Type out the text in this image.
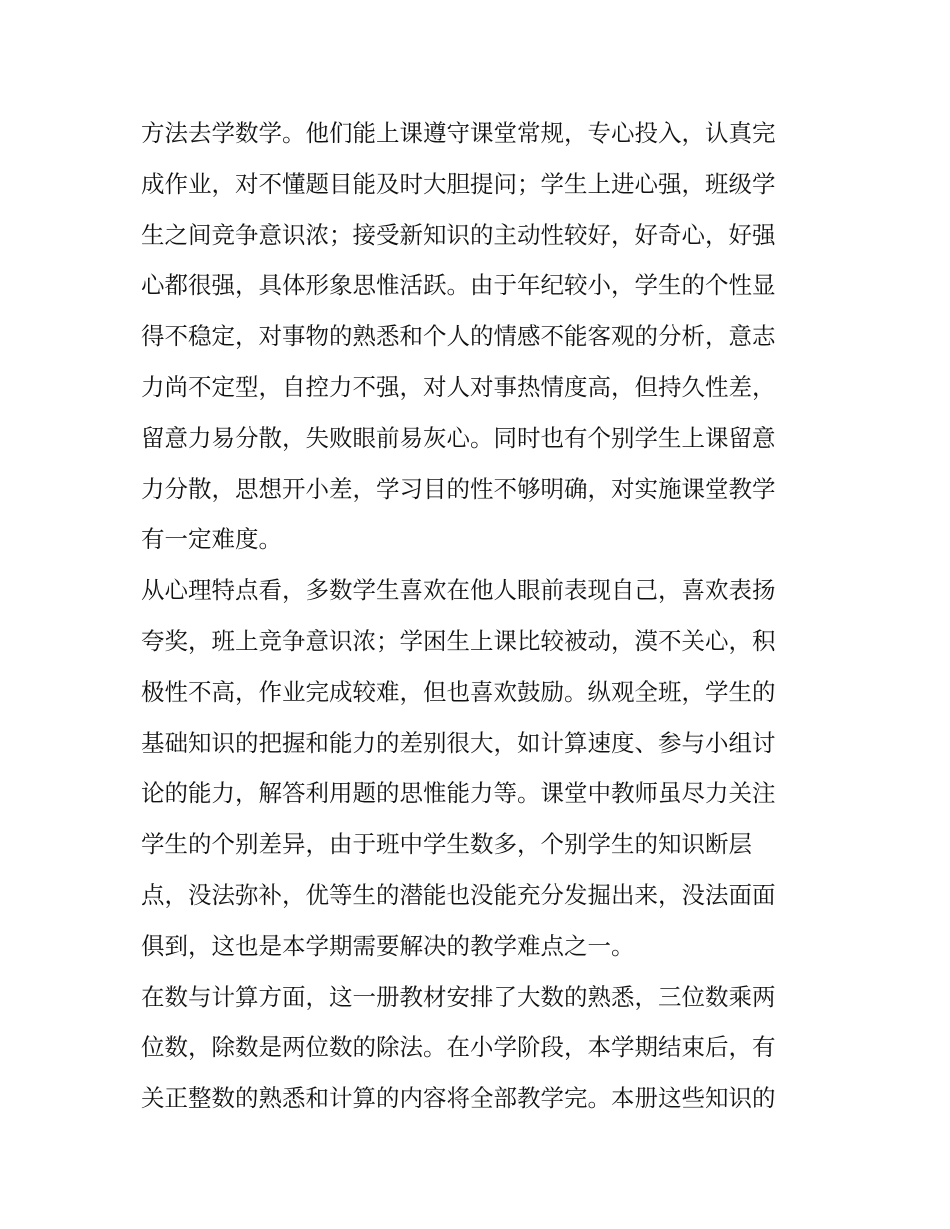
方法去学数学。他们能上课遵守课堂常规，专心投入，认真完
成作业，对不懂题目能及时大胆提问；学生上进心强，班级学
生之间竞争意识浓；接受新知识的主动性较好，好奇心，好强
心都很强，具体形象思惟活跃。由于年纪较小，学生的个性显
得不稳定，对事物的熟悉和个人的情感不能客观的分析，意志
力尚不定型，自控力不强，对人对事热情度高，但持久性差，
留意力易分散，失败眼前易灰心。同时也有个别学生上课留意
力分散，思想开小差，学习目的性不够明确，对实施课堂教学
有一定难度。
从心理特点看，多数学生喜欢在他人眼前表现自己，喜欢表扬
夸奖，班上竞争意识浓；学困生上课比较被动，漠不关心，积
极性不高，作业完成较难，但也喜欢鼓励。纵观全班，学生的
基础知识的把握和能力的差别很大，如计算速度、参与小组讨
论的能力，解答利用题的思惟能力等。课堂中教师虽尽力关注
学生的个别差异，由于班中学生数多，个别学生的知识断层
点，没法弥补，优等生的潜能也没能充分发掘出来，没法面面
俱到，这也是本学期需要解决的教学难点之一。
在数与计算方面，这一册教材安排了大数的熟悉，三位数乘两
位数，除数是两位数的除法。在小学阶段，本学期结束后，有
关正整数的熟悉和计算的内容将全部教学完。本册这些知识的
